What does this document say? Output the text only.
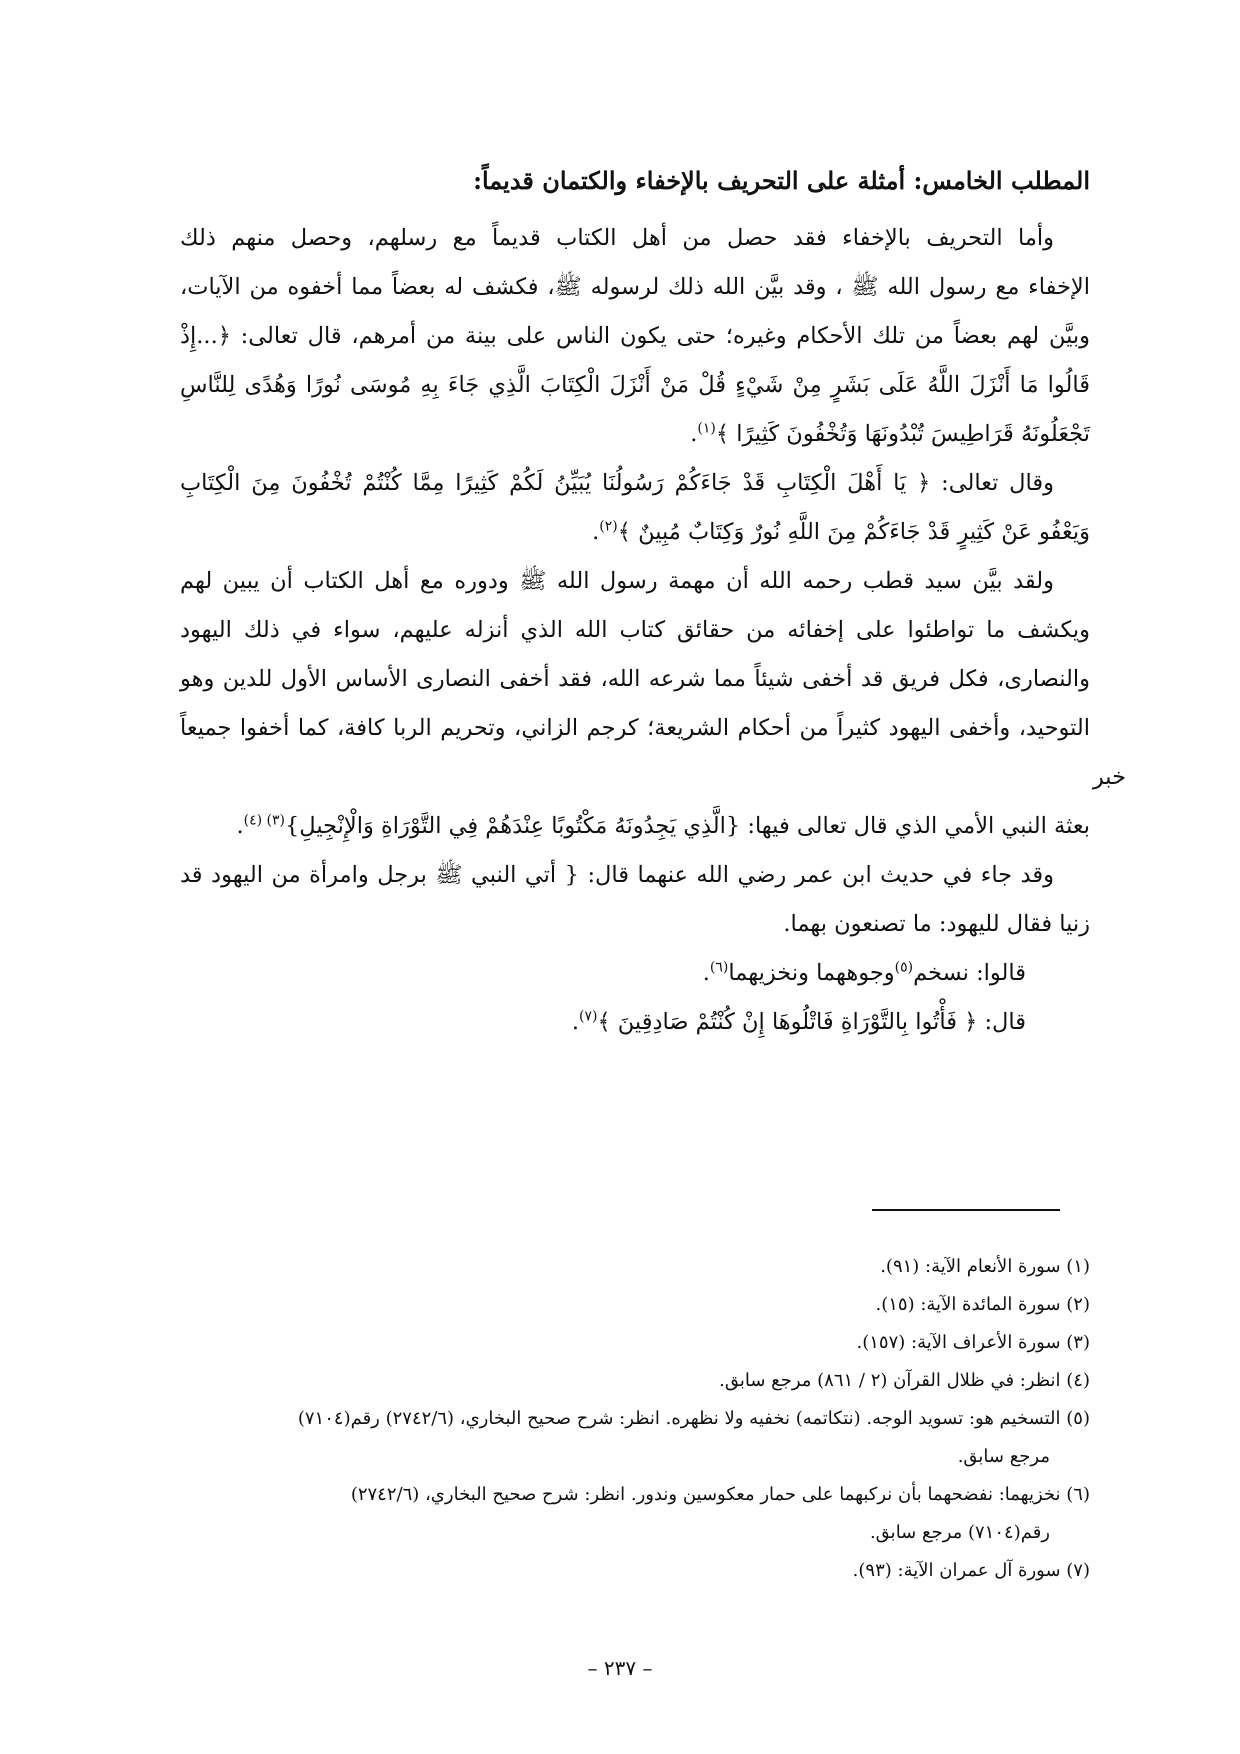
المطلب الخامس: أمثلة على التحريف بالإخفاء والكتمان قديماً:

وأما التحريف بالإخفاء فقد حصل من أهل الكتاب قديماً مع رسلهم، وحصل منهم ذلك
الإخفاء مع رسول الله ﷺ ، وقد بيَّن الله ذلك لرسوله ﷺ، فكشف له بعضاً مما أخفوه من الآيات،
وبيَّن لهم بعضاً من تلك الأحكام وغيره؛ حتى يكون الناس على بينة من أمرهم، قال تعالى: ﴿...إِذْ
قَالُوا مَا أَنْزَلَ اللَّهُ عَلَى بَشَرٍ مِنْ شَيْءٍ قُلْ مَنْ أَنْزَلَ الْكِتَابَ الَّذِي جَاءَ بِهِ مُوسَى نُورًا وَهُدًى لِلنَّاسِ
تَجْعَلُونَهُ قَرَاطِيسَ تُبْدُونَهَا وَتُخْفُونَ كَثِيرًا ﴾$^{(١)}$.

وقال تعالى: ﴿ يَا أَهْلَ الْكِتَابِ قَدْ جَاءَكُمْ رَسُولُنَا يُبَيِّنُ لَكُمْ كَثِيرًا مِمَّا كُنْتُمْ تُخْفُونَ مِنَ الْكِتَابِ
وَيَعْفُو عَنْ كَثِيرٍ قَدْ جَاءَكُمْ مِنَ اللَّهِ نُورٌ وَكِتَابٌ مُبِينٌ ﴾$^{(٢)}$.

ولقد بيَّن سيد قطب رحمه الله أن مهمة رسول الله ﷺ ودوره مع أهل الكتاب أن يبين لهم
ويكشف ما تواطئوا على إخفائه من حقائق كتاب الله الذي أنزله عليهم، سواء في ذلك اليهود
والنصارى، فكل فريق قد أخفى شيئاً مما شرعه الله، فقد أخفى النصارى الأساس الأول للدين وهو
التوحيد، وأخفى اليهود كثيراً من أحكام الشريعة؛ كرجم الزاني، وتحريم الربا كافة، كما أخفوا جميعاً خبر
بعثة النبي الأمي الذي قال تعالى فيها: {الَّذِي يَجِدُونَهُ مَكْتُوبًا عِنْدَهُمْ فِي التَّوْرَاةِ وَالْإِنْجِيلِ}$^{(٣) (٤)}$.

وقد جاء في حديث ابن عمر رضي الله عنهما قال: { أتي النبي ﷺ برجل وامرأة من اليهود قد
زنيا فقال لليهود: ما تصنعون بهما.

قالوا: نسخم$^{(٥)}$وجوههما ونخزيهما$^{(٦)}$.

قال: ﴿ فَأْتُوا بِالتَّوْرَاةِ فَاتْلُوهَا إِنْ كُنْتُمْ صَادِقِينَ ﴾$^{(٧)}$.

(١) سورة الأنعام الآية: (٩١).

(٢) سورة المائدة الآية: (١٥).

(٣) سورة الأعراف الآية: (١٥٧).

(٤) انظر: في ظلال القرآن (٢ / ٨٦١) مرجع سابق.

(٥) التسخيم هو: تسويد الوجه. (نتكاتمه) نخفيه ولا نظهره. انظر: شرح صحيح البخاري، (٢٧٤٢/٦) رقم(٧١٠٤)
مرجع سابق.

(٦) نخزيهما: نفضحهما بأن نركبهما على حمار معكوسين وندور. انظر: شرح صحيح البخاري، (٢٧٤٢/٦)
رقم(٧١٠٤) مرجع سابق.

(٧) سورة آل عمران الآية: (٩٣).

– ٢٣٧ –
